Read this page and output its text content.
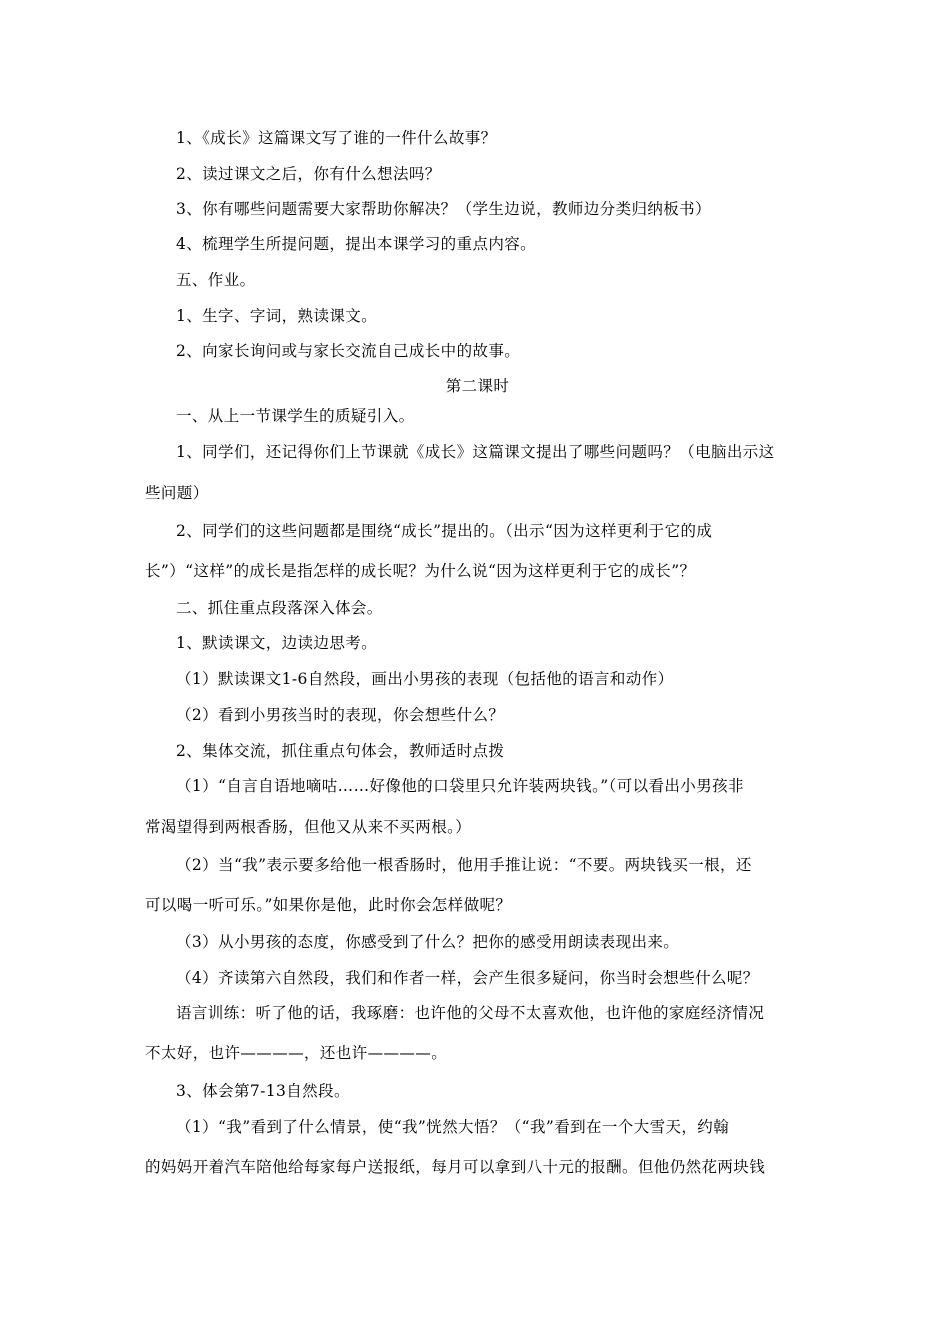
1、《成长》这篇课文写了谁的一件什么故事？
2、读过课文之后，你有什么想法吗？
3、你有哪些问题需要大家帮助你解决？（学生边说，教师边分类归纳板书）
4、梳理学生所提问题，提出本课学习的重点内容。
五、作业。
1、生字、字词，熟读课文。
2、向家长询问或与家长交流自己成长中的故事。
第二课时
一、从上一节课学生的质疑引入。
1、同学们，还记得你们上节课就《成长》这篇课文提出了哪些问题吗？（电脑出示这
些问题）
2、同学们的这些问题都是围绕“成长”提出的。（出示“因为这样更利于它的成
长”）“这样”的成长是指怎样的成长呢？为什么说“因为这样更利于它的成长”？
二、抓住重点段落深入体会。
1、默读课文，边读边思考。
（1）默读课文1-6自然段，画出小男孩的表现（包括他的语言和动作）
（2）看到小男孩当时的表现，你会想些什么？
2、集体交流，抓住重点句体会，教师适时点拨
（1）“自言自语地嘀咕……好像他的口袋里只允许装两块钱。”（可以看出小男孩非
常渴望得到两根香肠，但他又从来不买两根。）
（2）当“我”表示要多给他一根香肠时，他用手推让说：“不要。两块钱买一根，还
可以喝一听可乐。”如果你是他，此时你会怎样做呢？
（3）从小男孩的态度，你感受到了什么？把你的感受用朗读表现出来。
（4）齐读第六自然段，我们和作者一样，会产生很多疑问，你当时会想些什么呢？
语言训练：听了他的话，我琢磨：也许他的父母不太喜欢他，也许他的家庭经济情况
不太好，也许————，还也许————。
3、体会第7-13自然段。
（1）“我”看到了什么情景，使“我”恍然大悟？（“我”看到在一个大雪天，约翰
的妈妈开着汽车陪他给每家每户送报纸，每月可以拿到八十元的报酬。但他仍然花两块钱
